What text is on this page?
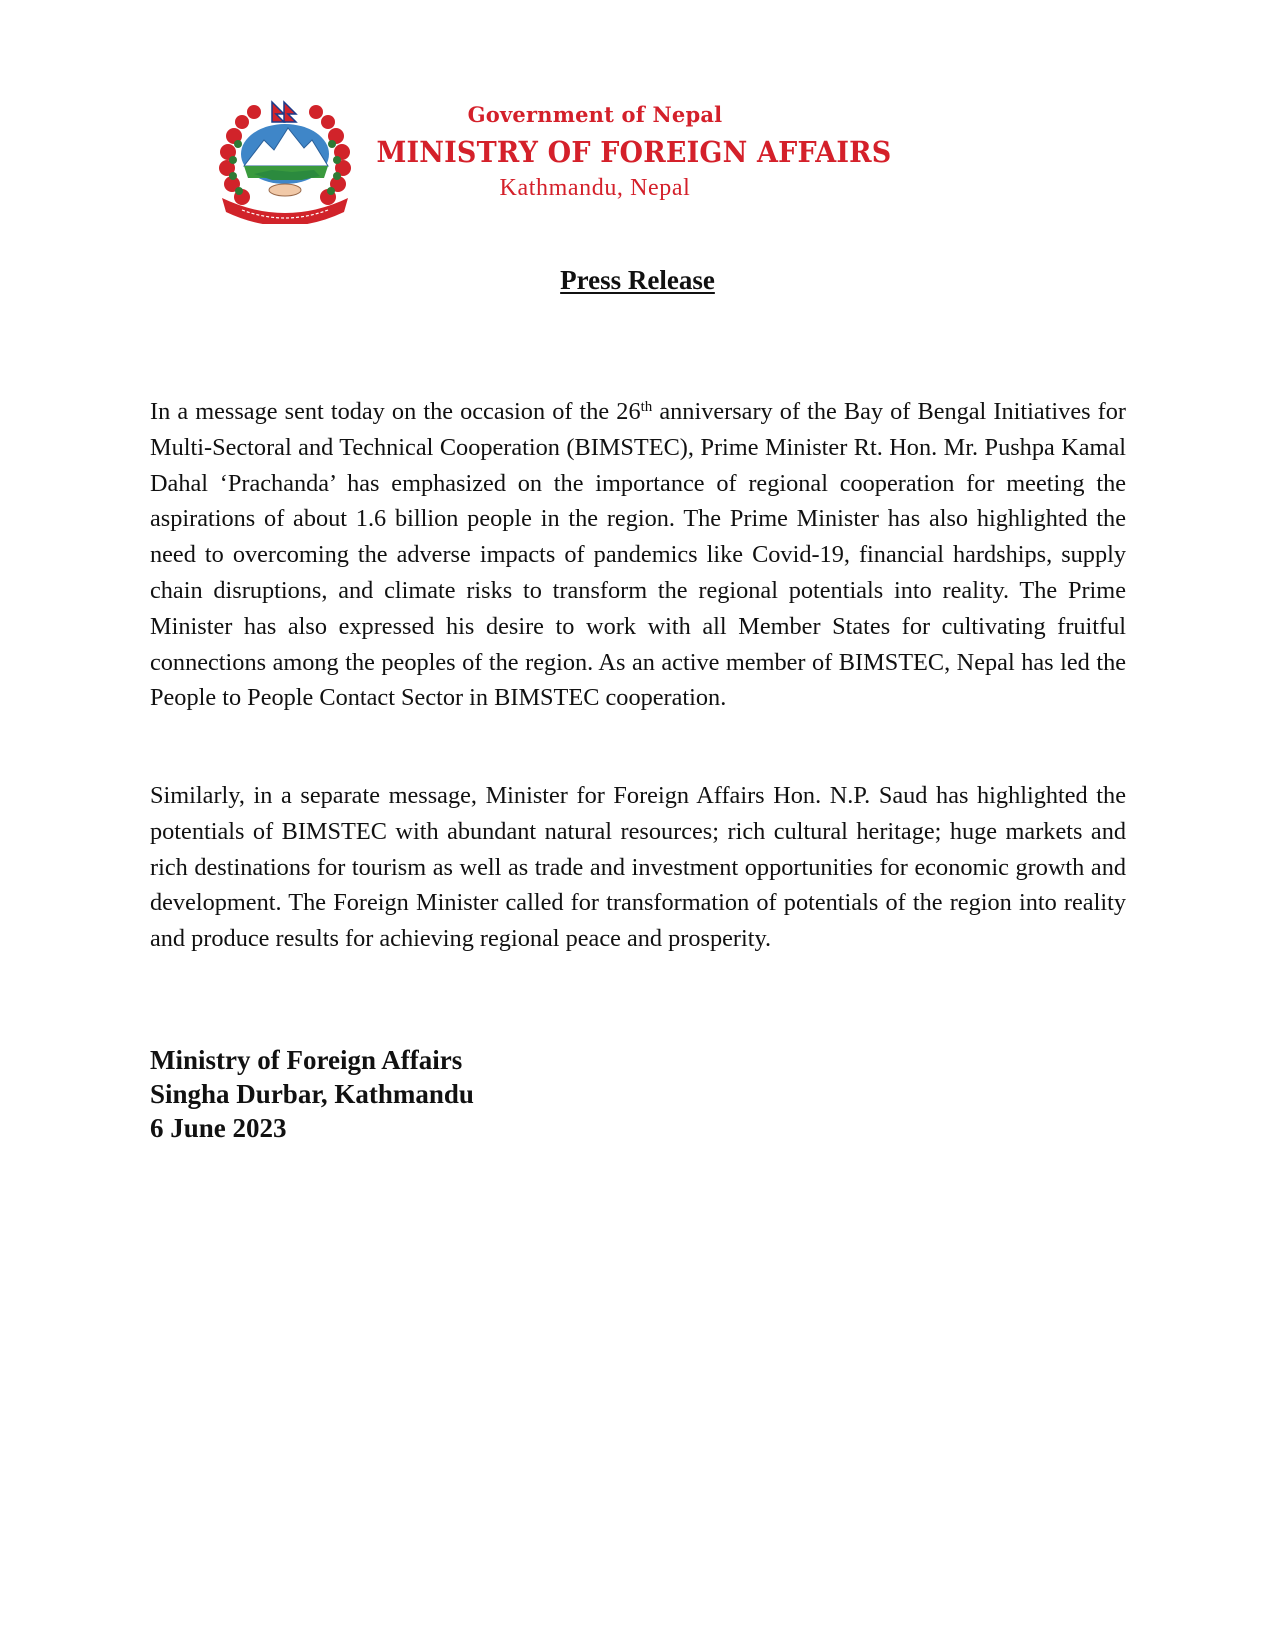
Government of Nepal
MINISTRY OF FOREIGN AFFAIRS
Kathmandu, Nepal
Press Release

In a message sent today on the occasion of the 26th anniversary of the Bay of Bengal Initiatives for Multi-Sectoral and Technical Cooperation (BIMSTEC), Prime Minister Rt. Hon. Mr. Pushpa Kamal Dahal ‘Prachanda’ has emphasized on the importance of regional cooperation for meeting the aspirations of about 1.6 billion people in the region. The Prime Minister has also highlighted the need to overcoming the adverse impacts of pandemics like Covid-19, financial hardships, supply chain disruptions, and climate risks to transform the regional potentials into reality. The Prime Minister has also expressed his desire to work with all Member States for cultivating fruitful connections among the peoples of the region. As an active member of BIMSTEC, Nepal has led the People to People Contact Sector in BIMSTEC cooperation.

Similarly, in a separate message, Minister for Foreign Affairs Hon. N.P. Saud has highlighted the potentials of BIMSTEC with abundant natural resources; rich cultural heritage; huge markets and rich destinations for tourism as well as trade and investment opportunities for economic growth and development. The Foreign Minister called for transformation of potentials of the region into reality and produce results for achieving regional peace and prosperity.

Ministry of Foreign Affairs
Singha Durbar, Kathmandu
6 June 2023
